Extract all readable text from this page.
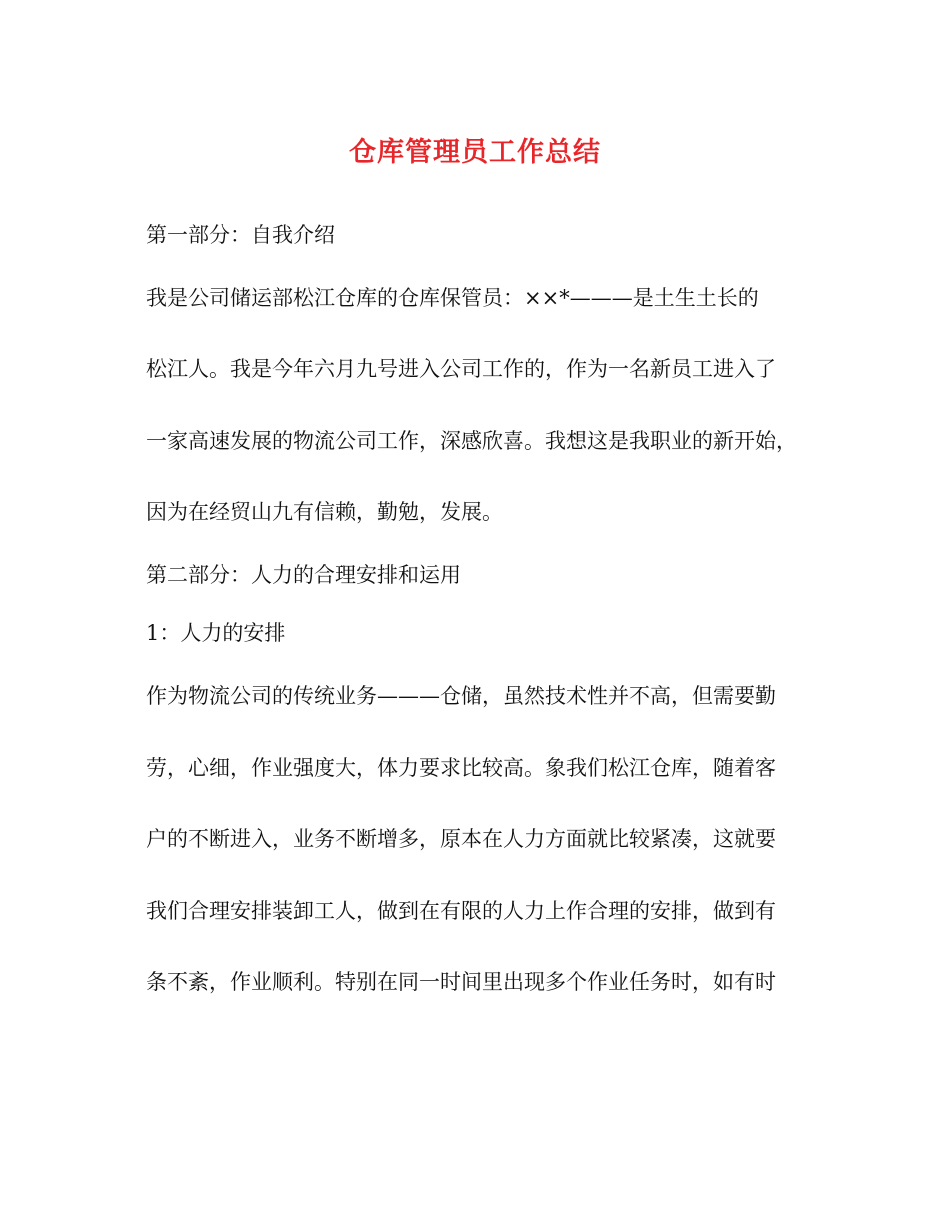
仓库管理员工作总结

第一部分：自我介绍

我是公司储运部松江仓库的仓库保管员：××*———是土生土长的

松江人。我是今年六月九号进入公司工作的，作为一名新员工进入了

一家高速发展的物流公司工作，深感欣喜。我想这是我职业的新开始，

因为在经贸山九有信赖，勤勉，发展。

第二部分：人力的合理安排和运用

1：人力的安排

作为物流公司的传统业务———仓储，虽然技术性并不高，但需要勤

劳，心细，作业强度大，体力要求比较高。象我们松江仓库，随着客

户的不断进入，业务不断增多，原本在人力方面就比较紧凑，这就要

我们合理安排装卸工人，做到在有限的人力上作合理的安排，做到有

条不紊，作业顺利。特别在同一时间里出现多个作业任务时，如有时
